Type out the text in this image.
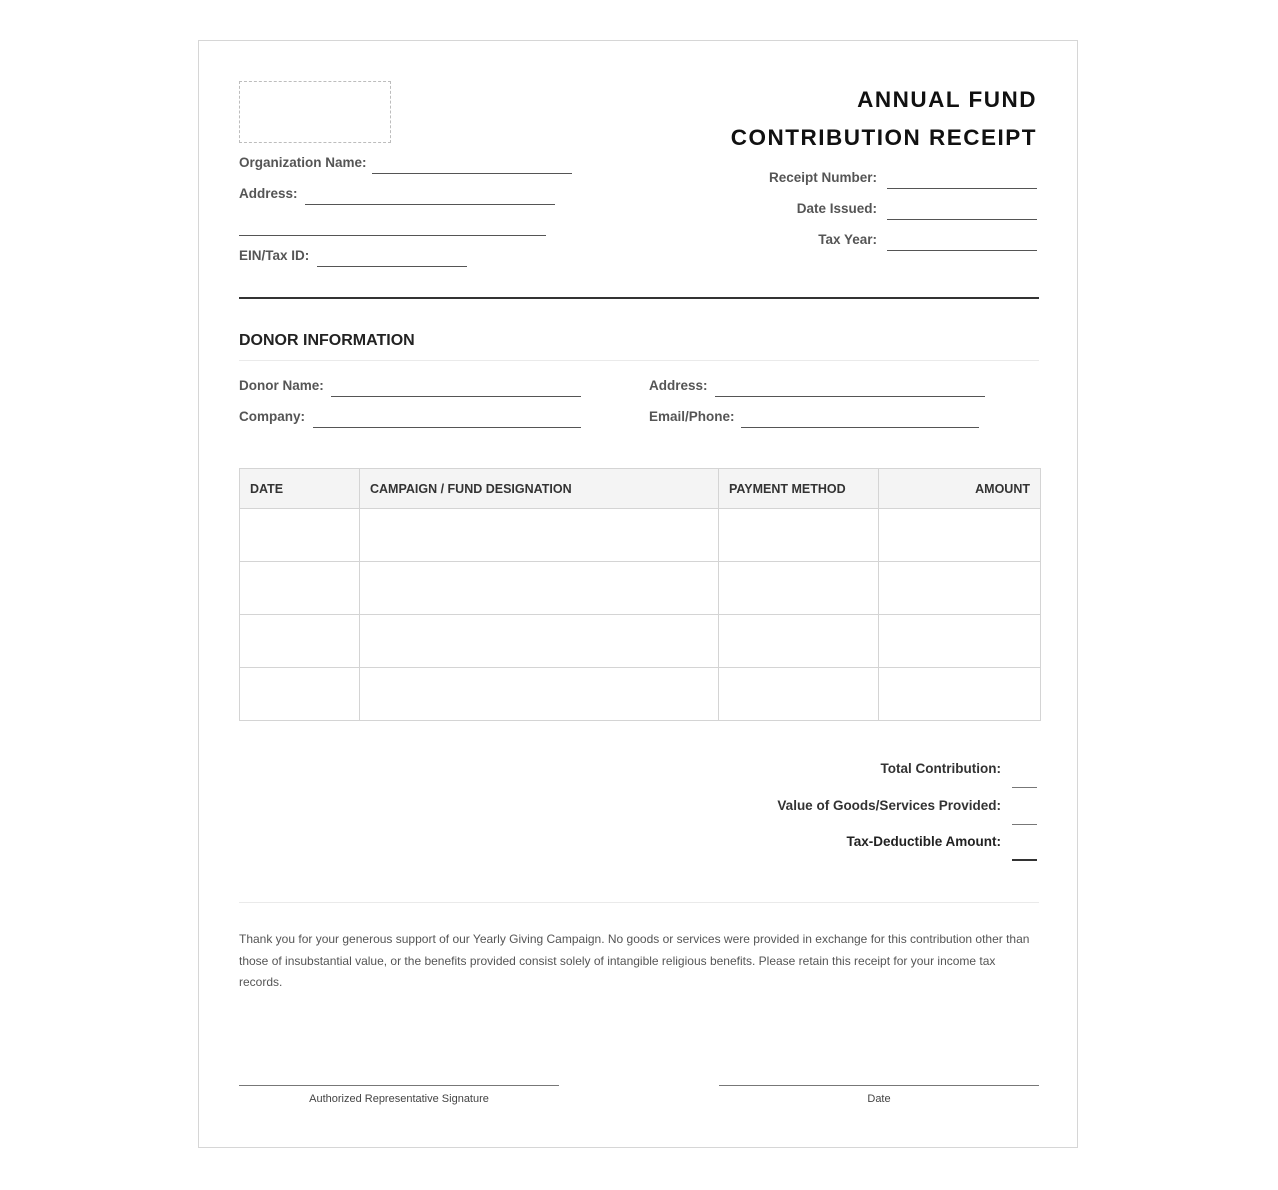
ANNUAL FUND
CONTRIBUTION RECEIPT
Organization Name:
Address:
EIN/Tax ID:
Receipt Number:
Date Issued:
Tax Year:
DONOR INFORMATION
Donor Name:
Company:
Address:
Email/Phone:
DATE	CAMPAIGN / FUND DESIGNATION	PAYMENT METHOD	AMOUNT

Total Contribution:
Value of Goods/Services Provided:
Tax-Deductible Amount:
Thank you for your generous support of our Yearly Giving Campaign. No goods or services were provided in exchange for this contribution other than those of insubstantial value, or the benefits provided consist solely of intangible religious benefits. Please retain this receipt for your income tax records.
Authorized Representative Signature	Date
